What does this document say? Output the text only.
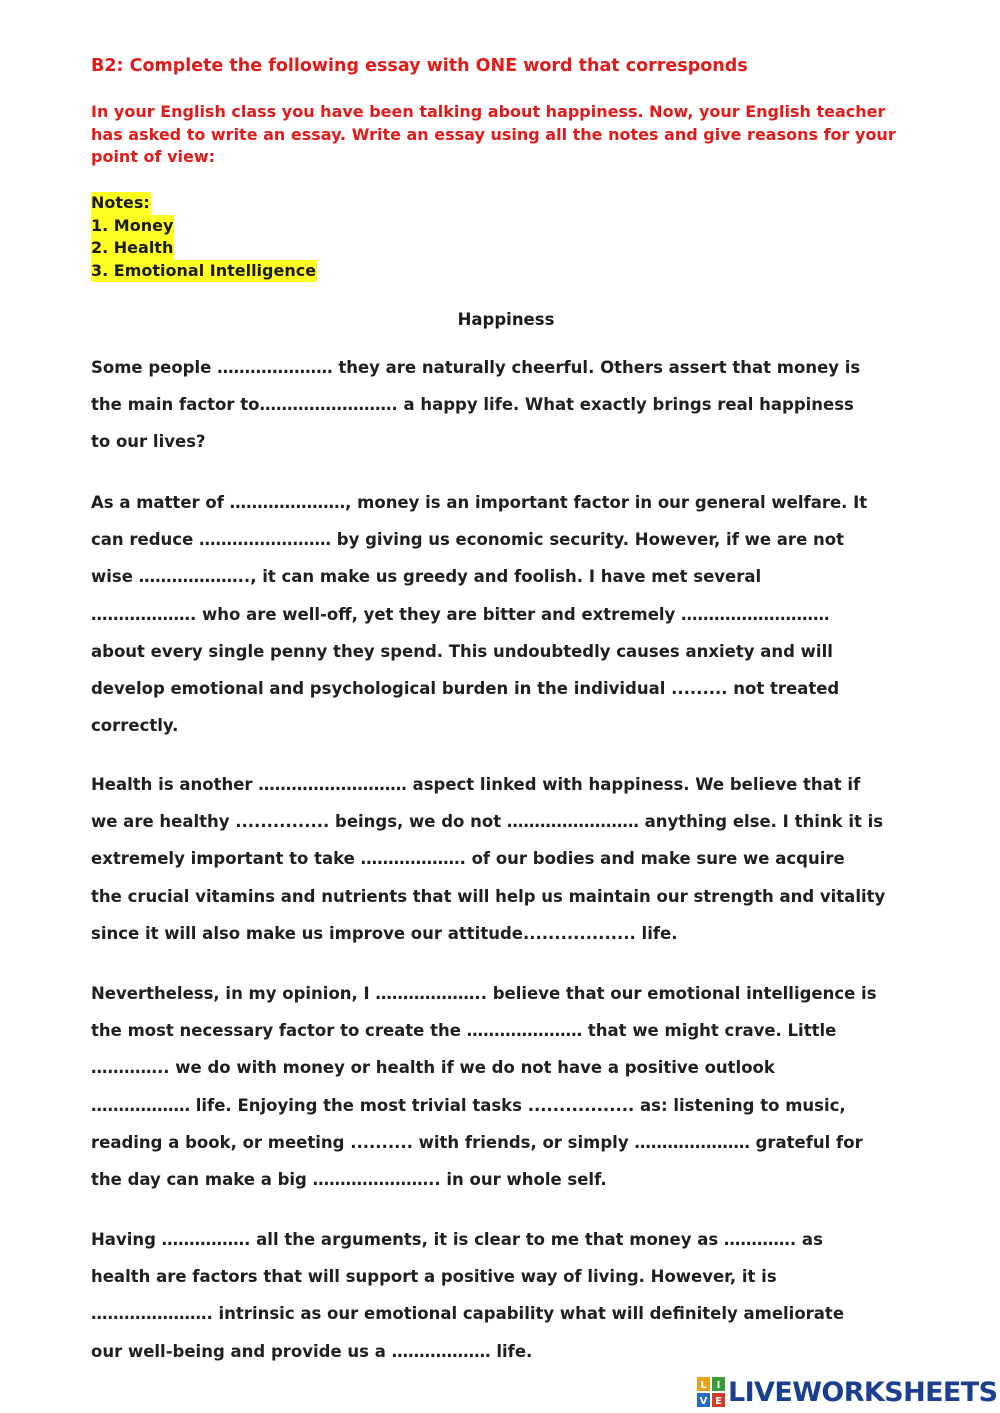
B2: Complete the following essay with ONE word that corresponds
In your English class you have been talking about happiness. Now, your English teacher has asked to write an essay. Write an essay using all the notes and give reasons for your point of view:
Notes:
1. Money
2. Health
3. Emotional Intelligence
Happiness
Some people ………………… they are naturally cheerful. Others assert that money is
the main factor to……………………. a happy life. What exactly brings real happiness
to our lives?
As a matter of …………………, money is an important factor in our general welfare. It
can reduce …………………… by giving us economic security. However, if we are not
wise ……………….., it can make us greedy and foolish. I have met several
………………. who are well-off, yet they are bitter and extremely ………………………
about every single penny they spend. This undoubtedly causes anxiety and will
develop emotional and psychological burden in the individual ......... not treated
correctly.
Health is another ……………………… aspect linked with happiness. We believe that if
we are healthy ............... beings, we do not …………………… anything else. I think it is
extremely important to take ………………. of our bodies and make sure we acquire
the crucial vitamins and nutrients that will help us maintain our strength and vitality
since it will also make us improve our attitude.................. life.
Nevertheless, in my opinion, I ……………….. believe that our emotional intelligence is
the most necessary factor to create the ………………… that we might crave. Little
………….. we do with money or health if we do not have a positive outlook
……………… life. Enjoying the most trivial tasks ................. as: listening to music,
reading a book, or meeting .......... with friends, or simply ………………… grateful for
the day can make a big ………………….. in our whole self.
Having ……………. all the arguments, it is clear to me that money as …………. as
health are factors that will support a positive way of living. However, it is
…………………. intrinsic as our emotional capability what will definitely ameliorate
our well-being and provide us a ……………… life.
L I
V E LIVEWORKSHEETS
